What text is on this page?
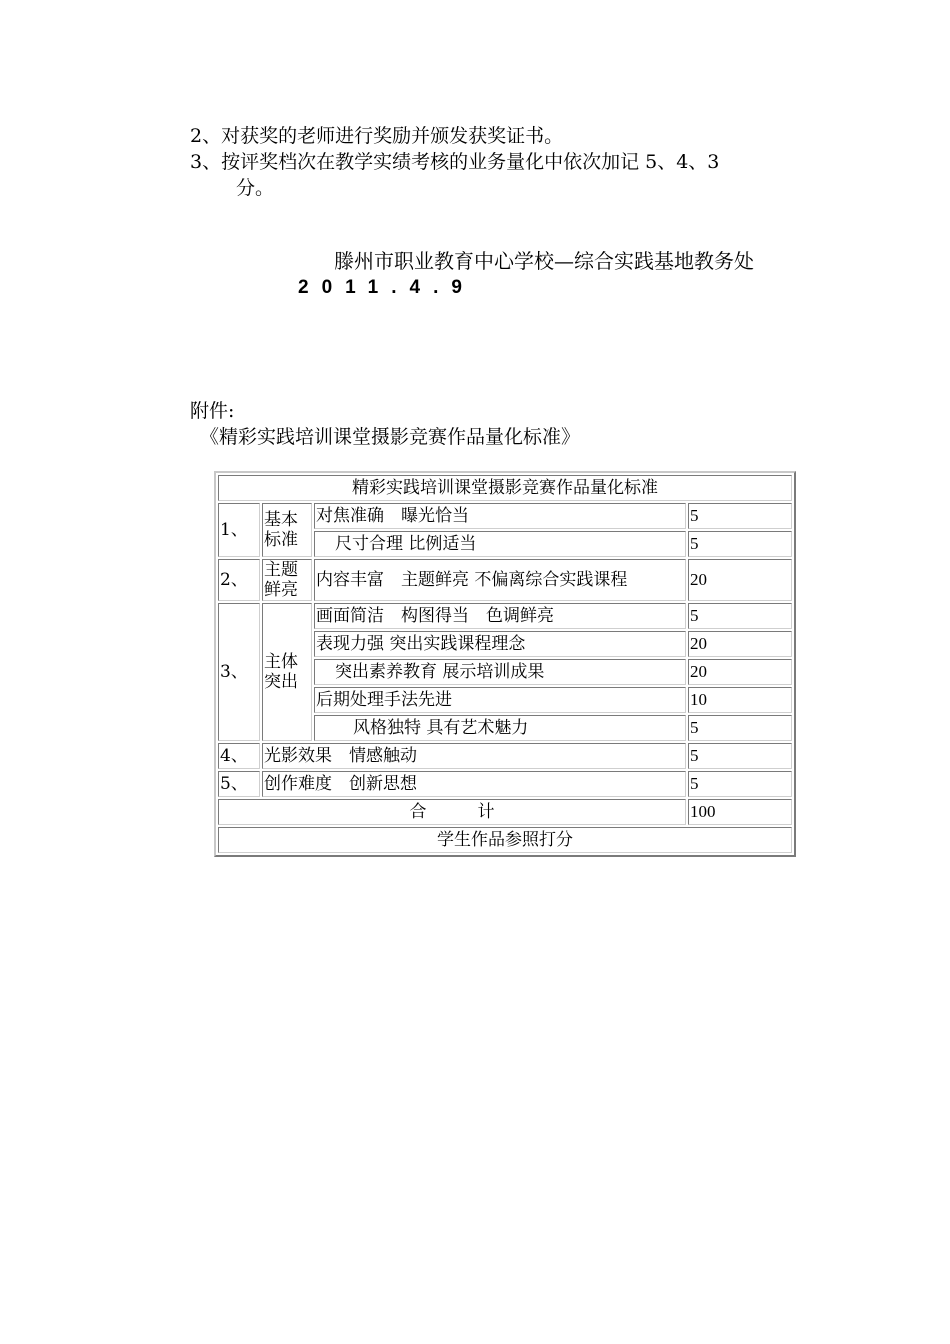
2、对获奖的老师进行奖励并颁发获奖证书。
3、按评奖档次在教学实绩考核的业务量化中依次加记 5、4、3
分。
滕州市职业教育中心学校—综合实践基地教务处
2011.4.9
附件:
《精彩实践培训课堂摄影竞赛作品量化标准》
精彩实践培训课堂摄影竞赛作品量化标准			
1、	基本标准	对焦准确　曝光恰当	5
		尺寸合理 比例适当	5
2、	主题鲜亮	内容丰富　主题鲜亮 不偏离综合实践课程	20
3、	主体突出	画面简洁　构图得当　色调鲜亮	5
		表现力强 突出实践课程理念	20
		突出素养教育 展示培训成果	20
		后期处理手法先进	10
		风格独特 具有艺术魅力	5
4、	光影效果　情感触动		5
5、	创作难度　创新思想		5
合　　　计			100
学生作品参照打分			
